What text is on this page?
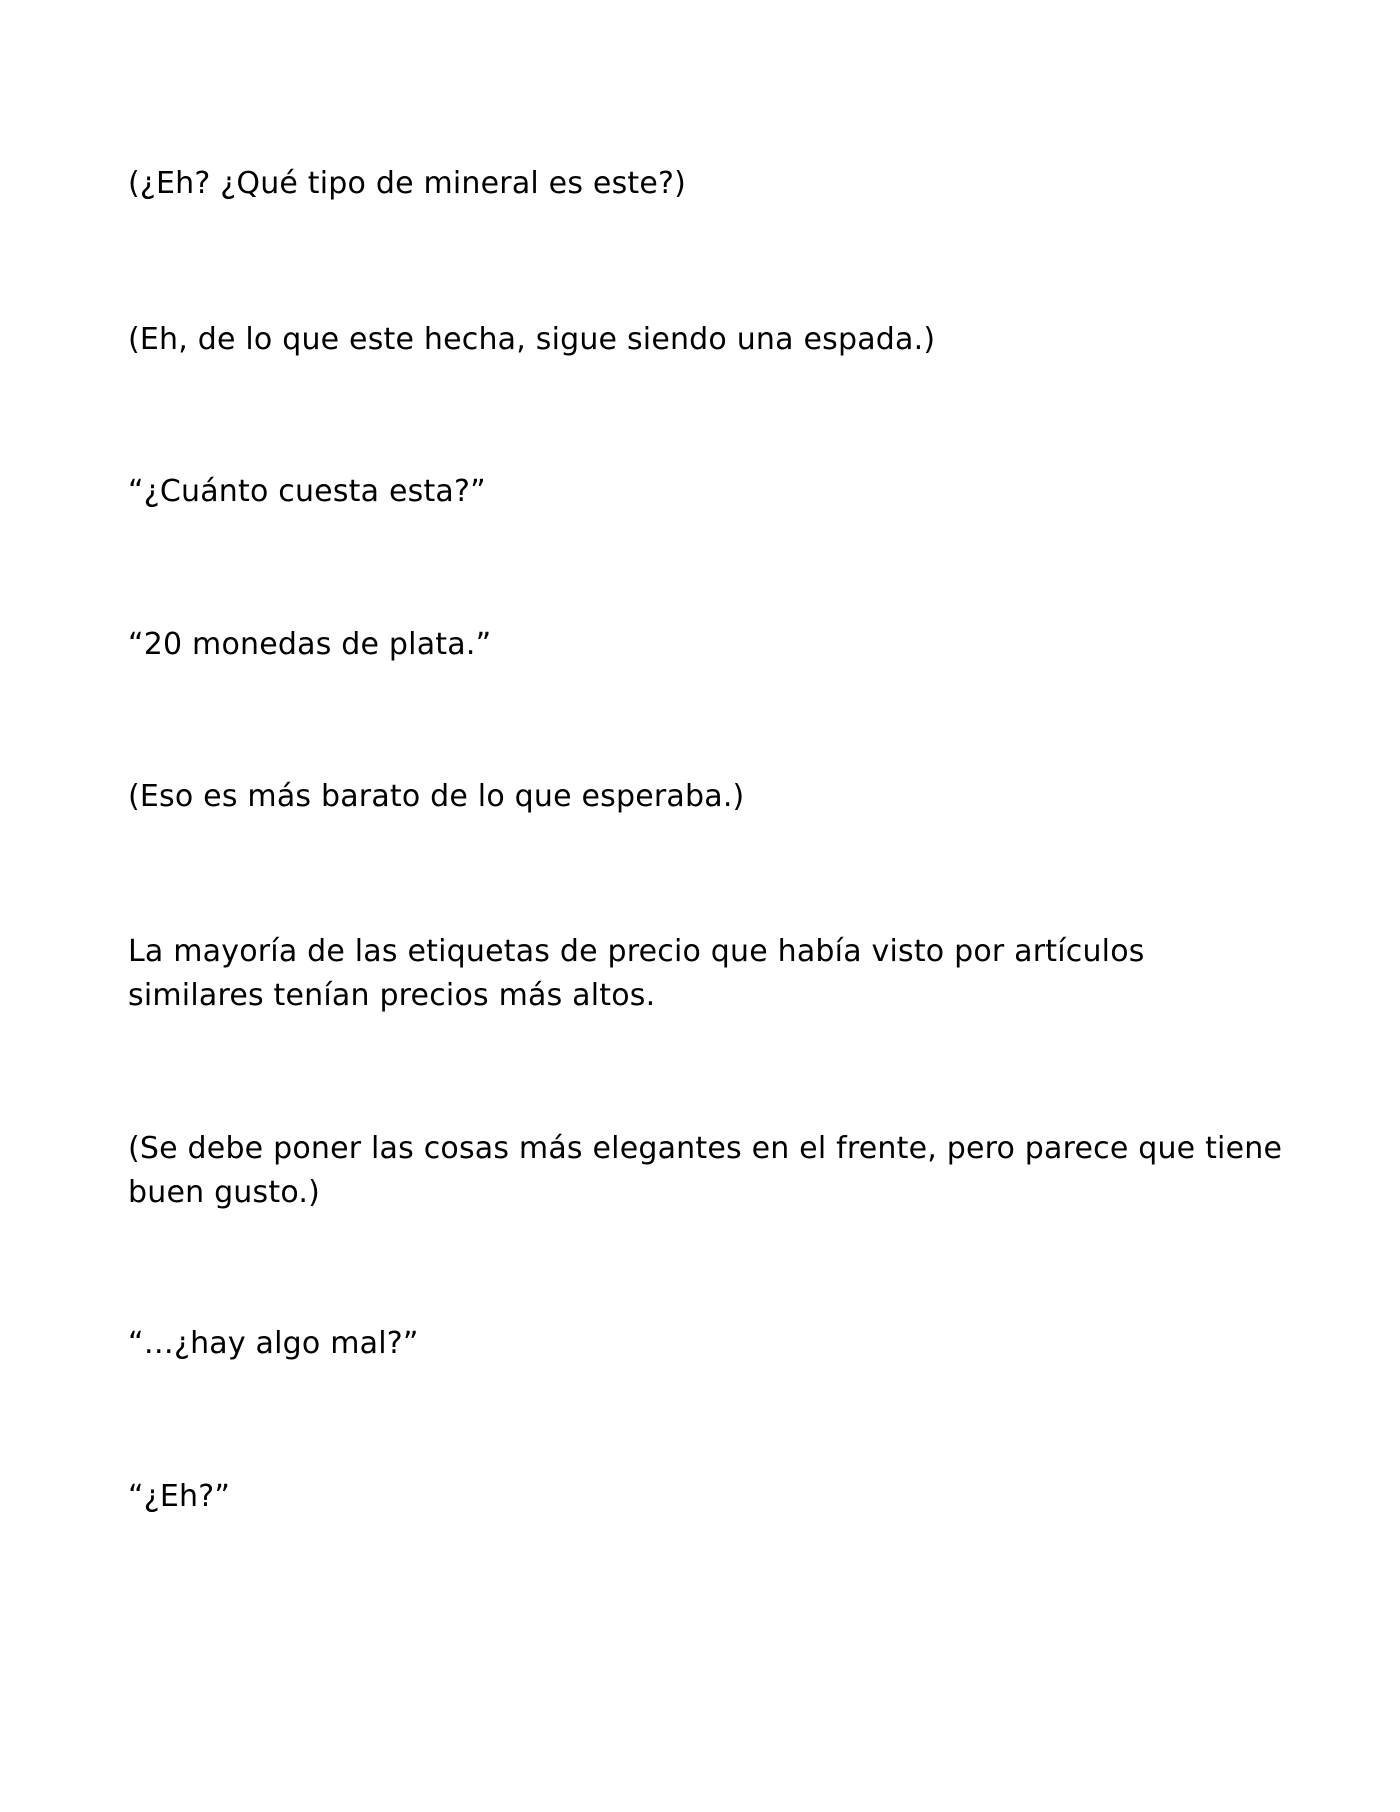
(¿Eh? ¿Qué tipo de mineral es este?)

(Eh, de lo que este hecha, sigue siendo una espada.)

“¿Cuánto cuesta esta?”

“20 monedas de plata.”

(Eso es más barato de lo que esperaba.)

La mayoría de las etiquetas de precio que había visto por artículos similares tenían precios más altos.

(Se debe poner las cosas más elegantes en el frente, pero parece que tiene buen gusto.)

“…¿hay algo mal?”

“¿Eh?”
